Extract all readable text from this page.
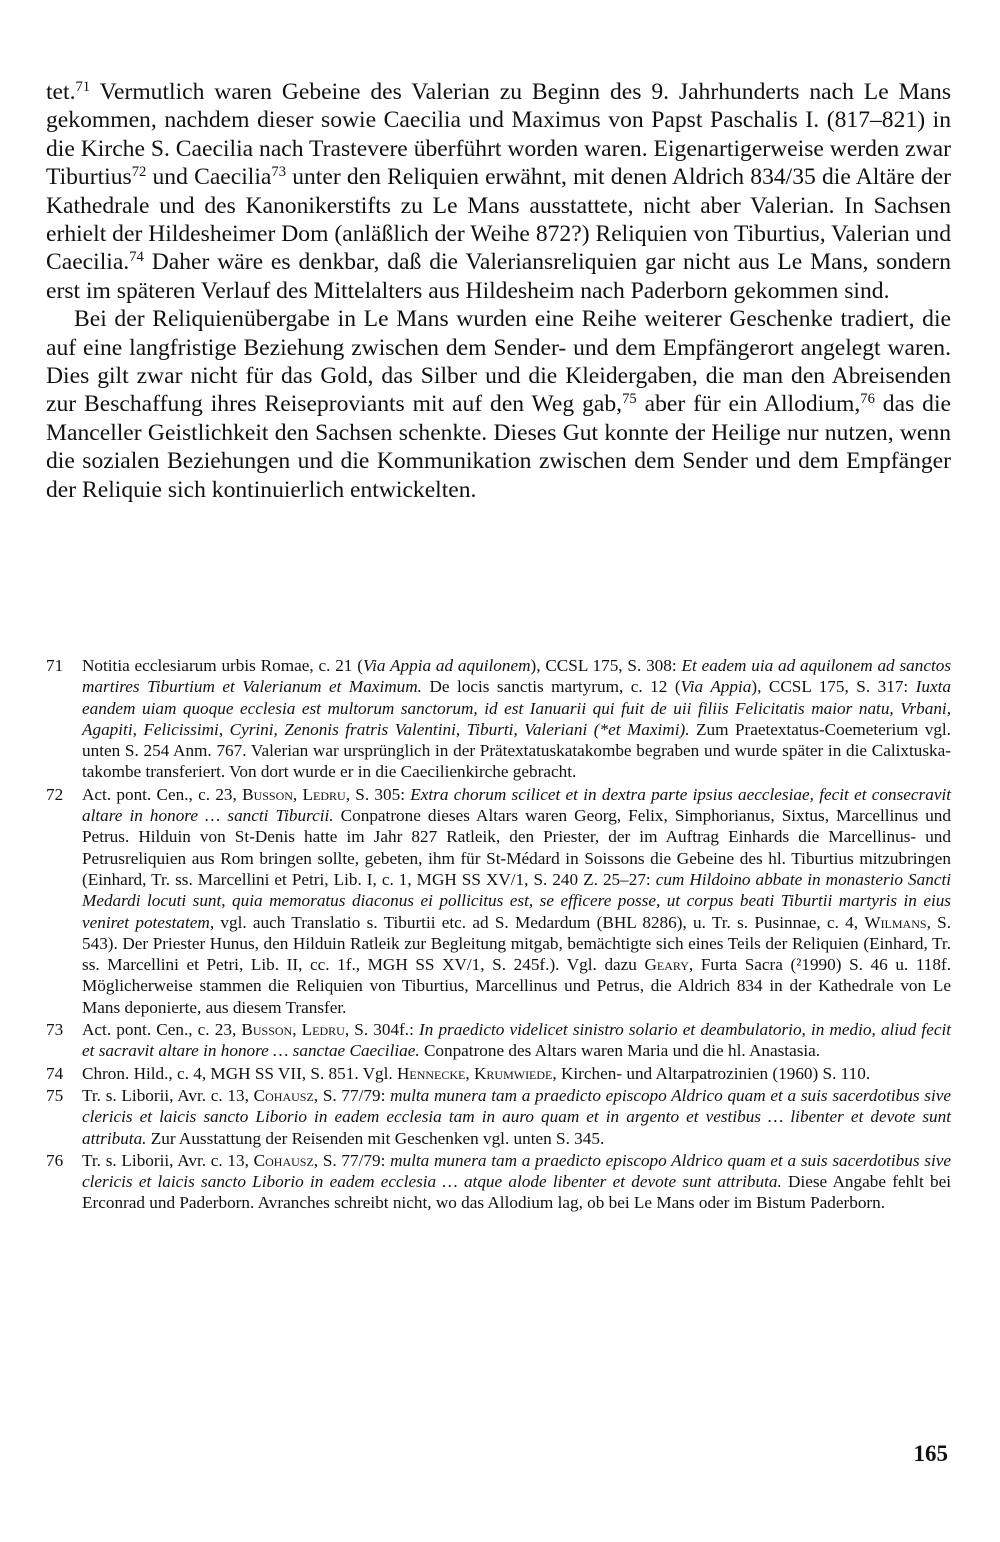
tet.$^{71}$ Vermutlich waren Gebeine des Valerian zu Beginn des 9. Jahrhunderts nach Le Mans gekommen, nachdem dieser sowie Caecilia und Maximus von Papst Paschalis I. (817–821) in die Kirche S. Caecilia nach Trastevere überführt worden waren. Eigenartigerweise werden zwar Tiburtius$^{72}$ und Caecilia$^{73}$ unter den Reliquien erwähnt, mit denen Aldrich 834/35 die Altäre der Kathedrale und des Kanonikerstifts zu Le Mans ausstattete, nicht aber Valerian. In Sachsen erhielt der Hildesheimer Dom (anläßlich der Weihe 872?) Reliquien von Tiburtius, Valerian und Caecilia.$^{74}$ Daher wäre es denkbar, daß die Valeriansreliquien gar nicht aus Le Mans, sondern erst im späteren Verlauf des Mittelalters aus Hildesheim nach Paderborn gekommen sind.

Bei der Reliquienübergabe in Le Mans wurden eine Reihe weiterer Geschenke tradiert, die auf eine langfristige Beziehung zwischen dem Sender- und dem Empfängerort angelegt waren. Dies gilt zwar nicht für das Gold, das Silber und die Kleidergaben, die man den Abreisenden zur Beschaffung ihres Reiseproviants mit auf den Weg gab,$^{75}$ aber für ein Allodium,$^{76}$ das die Manceller Geistlichkeit den Sachsen schenkte. Dieses Gut konnte der Heilige nur nutzen, wenn die sozialen Beziehungen und die Kommunikation zwischen dem Sender und dem Empfänger der Reliquie sich kontinuierlich entwickelten.

71	Notitia ecclesiarum urbis Romae, c. 21 (Via Appia ad aquilonem), CCSL 175, S. 308: Et eadem uia ad aquilonem ad sanctos martires Tiburtium et Valerianum et Maximum. De locis sanctis martyrum, c. 12 (Via Appia), CCSL 175, S. 317: Iuxta eandem uiam quoque ecclesia est multorum sanctorum, id est Ianuarii qui fuit de uii filiis Felicitatis maior natu, Vrbani, Agapiti, Felicissimi, Cyrini, Zenonis fratris Valentini, Tiburti, Valeriani (*et Maximi). Zum Praetextatus-Coemeterium vgl. unten S. 254 Anm. 767. Valerian war ursprünglich in der Prätextatuskatakombe begraben und wurde später in die Calixtuskatakombe transferiert. Von dort wurde er in die Caecilienkirche gebracht.
72	Act. pont. Cen., c. 23, Busson, Ledru, S. 305: Extra chorum scilicet et in dextra parte ipsius aecclesiae, fecit et consecravit altare in honore … sancti Tiburcii. Conpatrone dieses Altars waren Georg, Felix, Simphorianus, Sixtus, Marcellinus und Petrus. Hilduin von St-Denis hatte im Jahr 827 Ratleik, den Priester, der im Auftrag Einhards die Marcellinus- und Petrusreliquien aus Rom bringen sollte, gebeten, ihm für St-Médard in Soissons die Gebeine des hl. Tiburtius mitzubringen (Einhard, Tr. ss. Marcellini et Petri, Lib. I, c. 1, MGH SS XV/1, S. 240 Z. 25–27: cum Hildoino abbate in monasterio Sancti Medardi locuti sunt, quia memoratus diaconus ei pollicitus est, se efficere posse, ut corpus beati Tiburtii martyris in eius veniret potestatem, vgl. auch Translatio s. Tiburtii etc. ad S. Medardum (BHL 8286), u. Tr. s. Pusinnae, c. 4, Wilmans, S. 543). Der Priester Hunus, den Hilduin Ratleik zur Begleitung mitgab, bemächtigte sich eines Teils der Reliquien (Einhard, Tr. ss. Marcellini et Petri, Lib. II, cc. 1f., MGH SS XV/1, S. 245f.). Vgl. dazu Geary, Furta Sacra (²1990) S. 46 u. 118f. Möglicherweise stammen die Reliquien von Tiburtius, Marcellinus und Petrus, die Aldrich 834 in der Kathedrale von Le Mans deponierte, aus diesem Transfer.
73	Act. pont. Cen., c. 23, Busson, Ledru, S. 304f.: In praedicto videlicet sinistro solario et deambulatorio, in medio, aliud fecit et sacravit altare in honore … sanctae Caeciliae. Conpatrone des Altars waren Maria und die hl. Anastasia.
74	Chron. Hild., c. 4, MGH SS VII, S. 851. Vgl. Hennecke, Krumwiede, Kirchen- und Altarpatrozinien (1960) S. 110.
75	Tr. s. Liborii, Avr. c. 13, Cohausz, S. 77/79: multa munera tam a praedicto episcopo Aldrico quam et a suis sacerdotibus sive clericis et laicis sancto Liborio in eadem ecclesia tam in auro quam et in argento et vestibus … libenter et devote sunt attributa. Zur Ausstattung der Reisenden mit Geschenken vgl. unten S. 345.
76	Tr. s. Liborii, Avr. c. 13, Cohausz, S. 77/79: multa munera tam a praedicto episcopo Aldrico quam et a suis sacerdotibus sive clericis et laicis sancto Liborio in eadem ecclesia … atque alode libenter et devote sunt attributa. Diese Angabe fehlt bei Erconrad und Paderborn. Avranches schreibt nicht, wo das Allodium lag, ob bei Le Mans oder im Bistum Paderborn.
165
